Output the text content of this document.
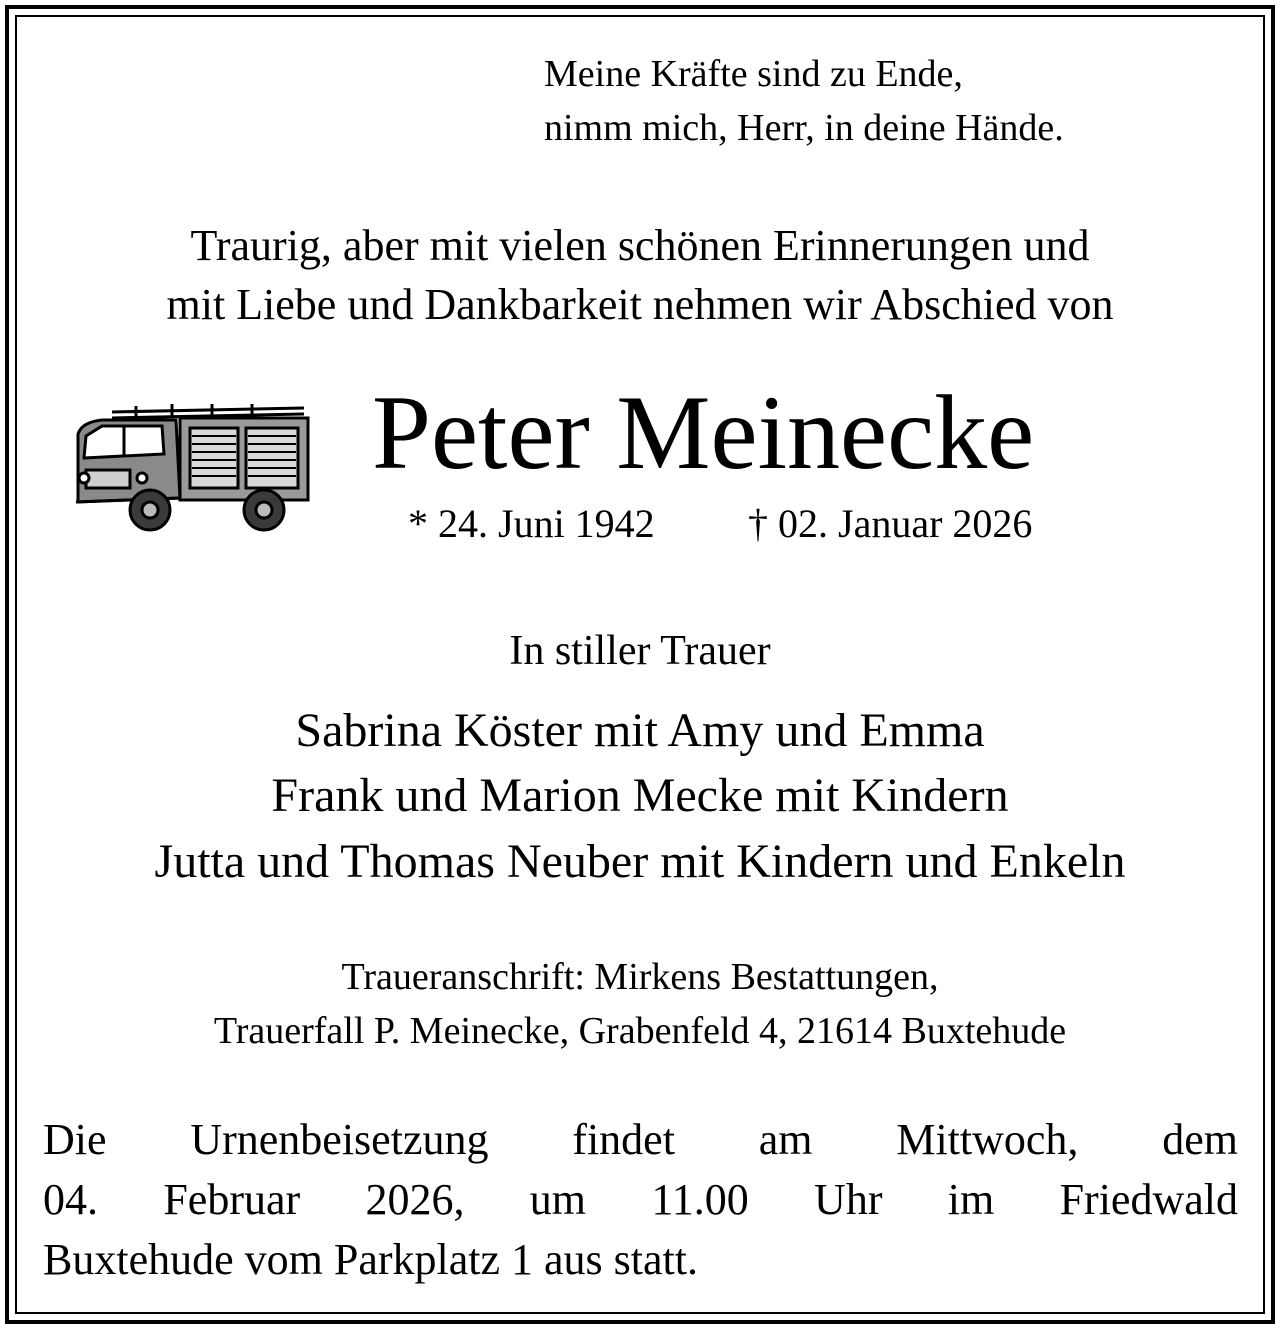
Meine Kräfte sind zu Ende,
nimm mich, Herr, in deine Hände.
Traurig, aber mit vielen schönen Erinnerungen und
mit Liebe und Dankbarkeit nehmen wir Abschied von
Peter Meinecke
* 24. Juni 1942 † 02. Januar 2026
In stiller Trauer
Sabrina Köster mit Amy und Emma
Frank und Marion Mecke mit Kindern
Jutta und Thomas Neuber mit Kindern und Enkeln
Traueranschrift: Mirkens Bestattungen,
Trauerfall P. Meinecke, Grabenfeld 4, 21614 Buxtehude
Die Urnenbeisetzung findet am Mittwoch, dem
04. Februar 2026, um 11.00 Uhr im Friedwald
Buxtehude vom Parkplatz 1 aus statt.
